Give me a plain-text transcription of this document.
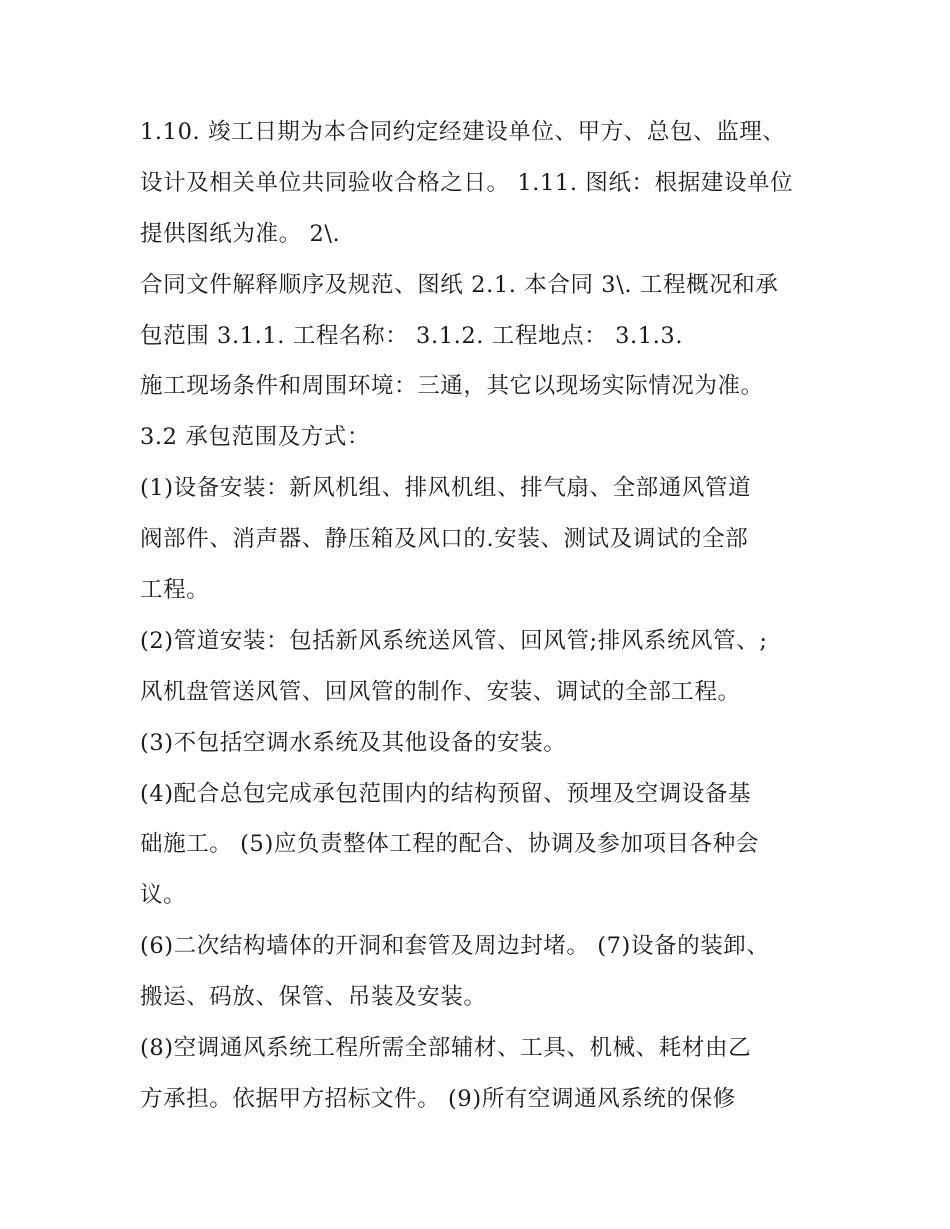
1.10. 竣工日期为本合同约定经建设单位、甲方、总包、监理、
设计及相关单位共同验收合格之日。 1.11. 图纸：根据建设单位
提供图纸为准。 2\.
合同文件解释顺序及规范、图纸 2.1. 本合同 3\. 工程概况和承
包范围 3.1.1. 工程名称： 3.1.2. 工程地点： 3.1.3.
施工现场条件和周围环境：三通，其它以现场实际情况为准。
3.2 承包范围及方式：
(1)设备安装：新风机组、排风机组、排气扇、全部通风管道
阀部件、消声器、静压箱及风口的.安装、测试及调试的全部
工程。
(2)管道安装：包括新风系统送风管、回风管;排风系统风管、;
风机盘管送风管、回风管的制作、安装、调试的全部工程。
(3)不包括空调水系统及其他设备的安装。
(4)配合总包完成承包范围内的结构预留、预埋及空调设备基
础施工。 (5)应负责整体工程的配合、协调及参加项目各种会
议。
(6)二次结构墙体的开洞和套管及周边封堵。 (7)设备的装卸、
搬运、码放、保管、吊装及安装。
(8)空调通风系统工程所需全部辅材、工具、机械、耗材由乙
方承担。依据甲方招标文件。 (9)所有空调通风系统的保修
